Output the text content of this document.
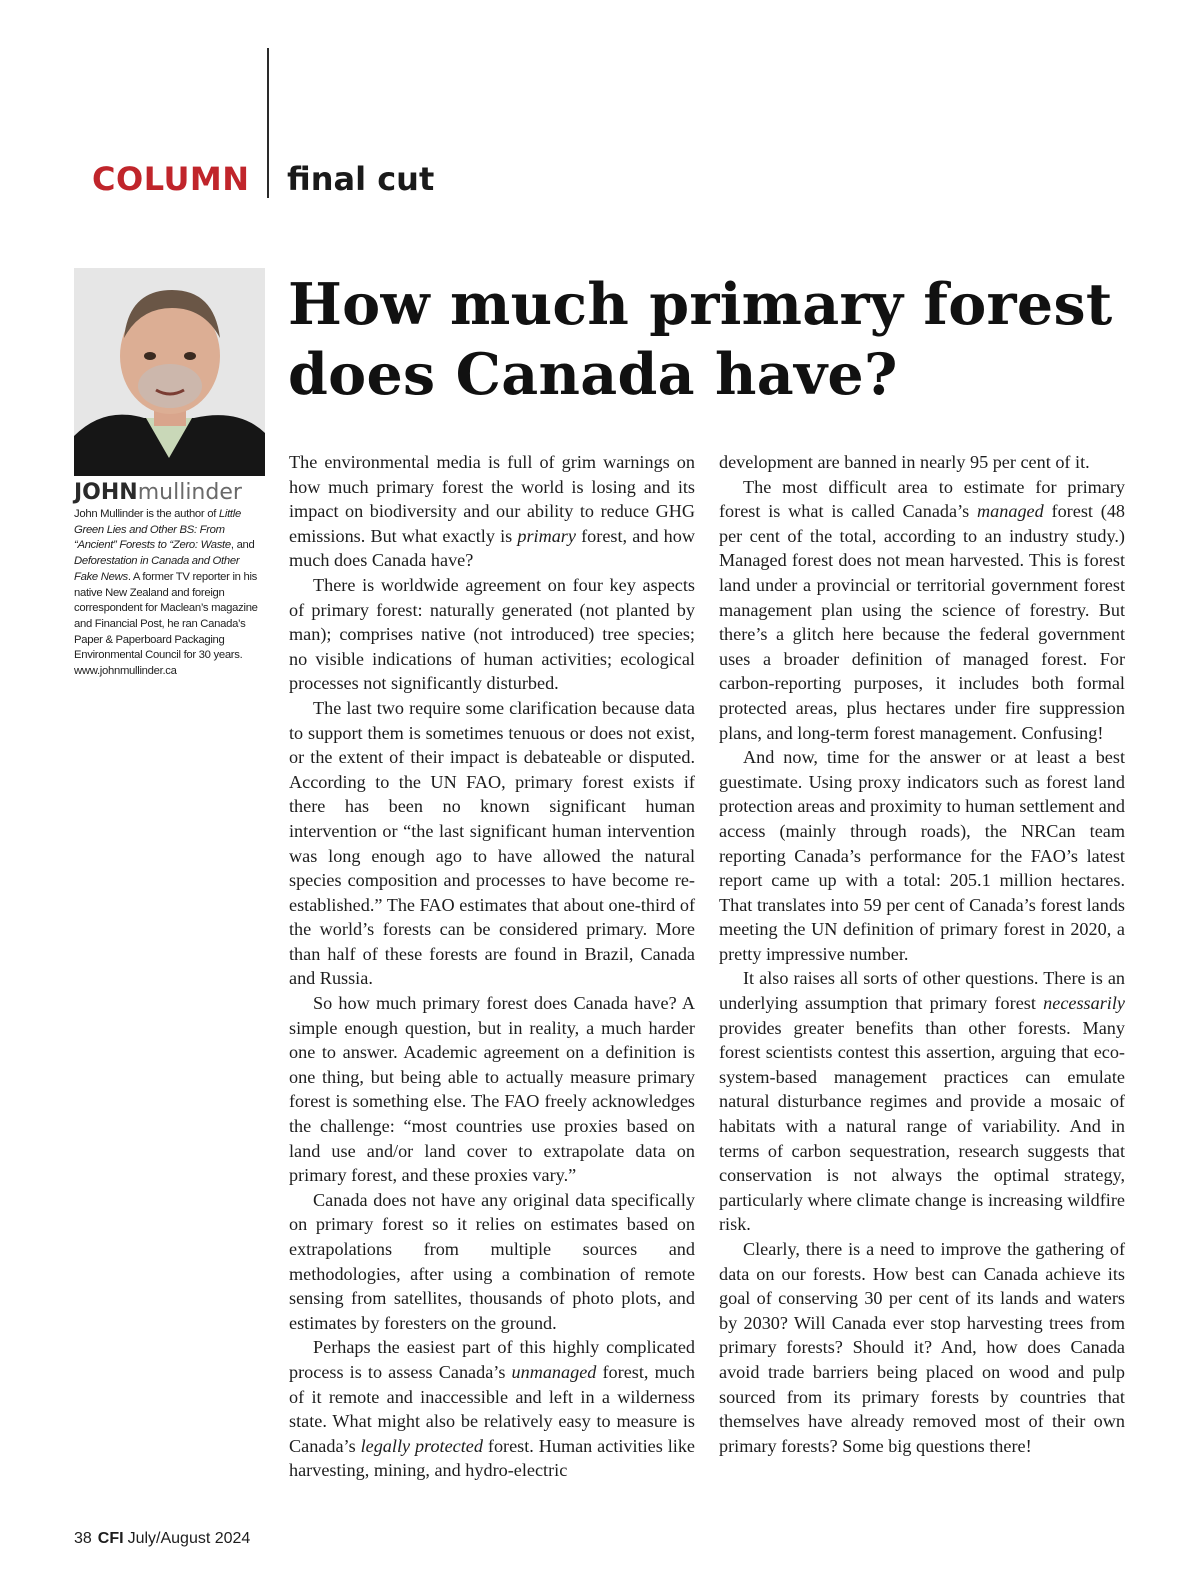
COLUMN final cut
JOHNmullinder
John Mullinder is the author of Little Green Lies and Other BS: From “Ancient” Forests to “Zero: Waste, and Deforestation in Canada and Other Fake News. A former TV reporter in his native New Zealand and foreign correspondent for Maclean’s magazine and Financial Post, he ran Canada’s Paper & Paperboard Packaging Environmental Council for 30 years. www.johnmullinder.ca
How much primary forest
does Canada have?

The environmental media is full of grim warnings on how much primary forest the world is losing and its impact on biodiversity and our ability to reduce GHG emissions. But what exactly is primary forest, and how much does Canada have?

There is worldwide agreement on four key aspects of primary forest: naturally generated (not planted by man); comprises native (not introduced) tree species; no visible indications of human activities; ecological processes not significantly disturbed.

The last two require some clarification because data to support them is sometimes tenuous or does not exist, or the extent of their impact is debateable or disputed. According to the UN FAO, primary forest exists if there has been no known significant human intervention or “the last significant human intervention was long enough ago to have allowed the natural species composition and processes to have become re-established.” The FAO estimates that about one-third of the world’s forests can be considered primary. More than half of these forests are found in Brazil, Canada and Russia.

So how much primary forest does Canada have? A simple enough question, but in reality, a much harder one to answer. Academic agreement on a definition is one thing, but being able to actually measure primary forest is something else. The FAO freely acknowledges the challenge: “most countries use proxies based on land use and/or land cover to extrapolate data on primary forest, and these proxies vary.”

Canada does not have any original data specifically on primary forest so it relies on estimates based on extrapolations from multiple sources and methodologies, after using a combination of remote sensing from satellites, thousands of photo plots, and estimates by foresters on the ground.

Perhaps the easiest part of this highly complicated process is to assess Canada’s unmanaged forest, much of it remote and inaccessible and left in a wilderness state. What might also be relatively easy to measure is Canada’s legally protected forest. Human activities like harvesting, mining, and hydro-electric

development are banned in nearly 95 per cent of it.

The most difficult area to estimate for primary forest is what is called Canada’s managed forest (48 per cent of the total, according to an industry study.) Managed forest does not mean harvested. This is forest land under a provincial or territorial government forest management plan using the science of forestry. But there’s a glitch here because the federal government uses a broader definition of managed forest. For carbon-reporting purposes, it includes both formal protected areas, plus hectares under fire suppression plans, and long-term forest management. Confusing!

And now, time for the answer or at least a best guestimate. Using proxy indicators such as forest land protection areas and proximity to human settlement and access (mainly through roads), the NRCan team reporting Canada’s performance for the FAO’s latest report came up with a total: 205.1 million hectares. That translates into 59 per cent of Canada’s forest lands meeting the UN definition of primary forest in 2020, a pretty impressive number.

It also raises all sorts of other questions. There is an underlying assumption that primary forest necessarily provides greater benefits than other forests. Many forest scientists contest this assertion, arguing that eco-system-based management practices can emulate natural disturbance regimes and provide a mosaic of habitats with a natural range of variability. And in terms of carbon sequestration, research suggests that conservation is not always the optimal strategy, particularly where climate change is increasing wildfire risk.

Clearly, there is a need to improve the gathering of data on our forests. How best can Canada achieve its goal of conserving 30 per cent of its lands and waters by 2030? Will Canada ever stop harvesting trees from primary forests? Should it? And, how does Canada avoid trade barriers being placed on wood and pulp sourced from its primary forests by countries that themselves have already removed most of their own primary forests? Some big questions there!

38 CFI July/August 2024
